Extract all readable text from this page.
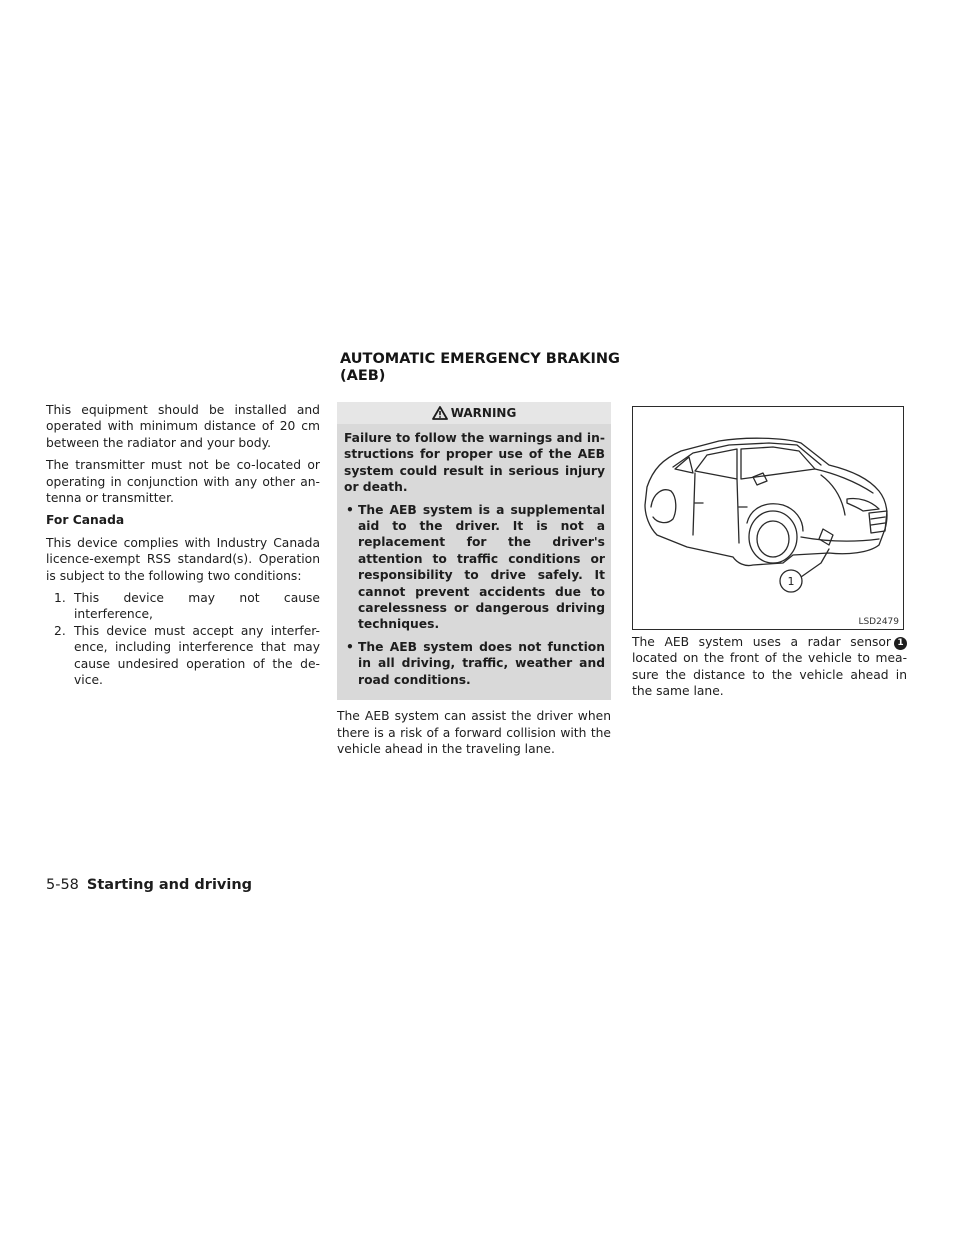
This equipment should be installed and operated with minimum distance of 20 cm between the radiator and your body.

The transmitter must not be co-located or operating in conjunction with any other an-tenna or transmitter.

For Canada

This device complies with Industry Canada licence-exempt RSS standard(s). Operation is subject to the following two conditions:

1. This device may not cause interference,
2. This device must accept any interfer-ence, including interference that may cause undesired operation of the de-vice.
AUTOMATIC EMERGENCY BRAKING
(AEB)
WARNING

Failure to follow the warnings and in-structions for proper use of the AEB system could result in serious injury or death.

• The AEB system is a supplemental aid to the driver. It is not a replacement for the driver's attention to traffic conditions or responsibility to drive safely. It cannot prevent accidents due to carelessness or dangerous driving techniques.
• The AEB system does not function in all driving, traffic, weather and road conditions.

The AEB system can assist the driver when there is a risk of a forward collision with the vehicle ahead in the traveling lane.

1
LSD2479

The AEB system uses a radar sensor 1 located on the front of the vehicle to mea-sure the distance to the vehicle ahead in the same lane.

5-58 Starting and driving
